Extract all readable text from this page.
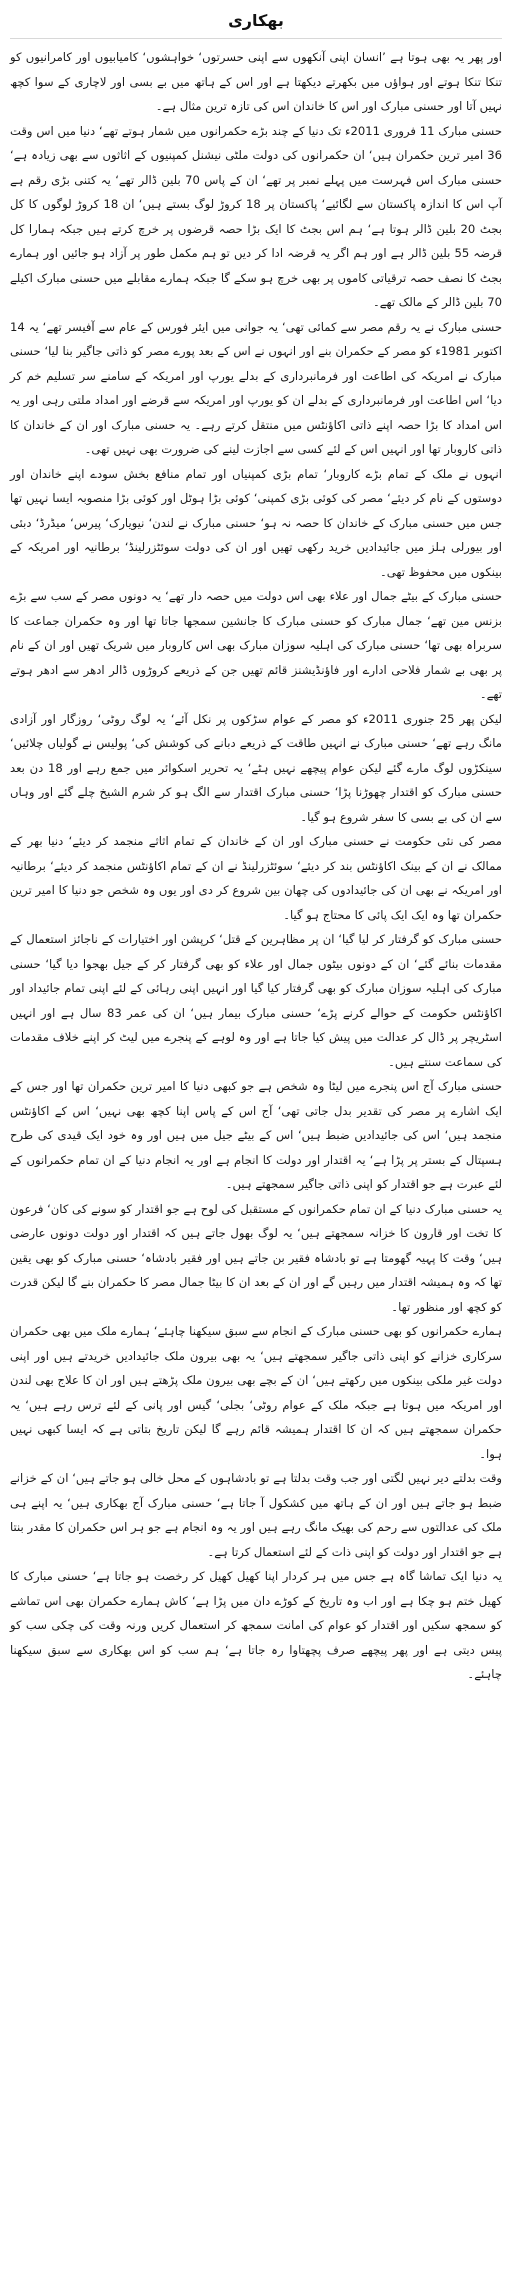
بھکاری

اور پھر یہ بھی ہوتا ہے ’انسان اپنی آنکھوں سے اپنی حسرتوں‘ خواہشوں‘ کامیابیوں اور کامرانیوں کو تنکا تنکا ہوتے اور ہواؤں میں بکھرتے دیکھتا ہے اور اس کے ہاتھ میں بے بسی اور لاچاری کے سوا کچھ نہیں آتا اور حسنی مبارک اور اس کا خاندان اس کی تازہ ترین مثال ہے۔

حسنی مبارک 11 فروری 2011ء تک دنیا کے چند بڑے حکمرانوں میں شمار ہوتے تھے‘ دنیا میں اس وقت 36 امیر ترین حکمران ہیں‘ ان حکمرانوں کی دولت ملٹی نیشنل کمپنیوں کے اثاثوں سے بھی زیادہ ہے‘ حسنی مبارک اس فہرست میں پہلے نمبر پر تھے‘ ان کے پاس 70 بلین ڈالر تھے‘ یہ کتنی بڑی رقم ہے آپ اس کا اندازہ پاکستان سے لگائیے‘ پاکستان پر 18 کروڑ لوگ بستے ہیں‘ ان 18 کروڑ لوگوں کا کل بجٹ 20 بلین ڈالر ہوتا ہے‘ ہم اس بجٹ کا ایک بڑا حصہ قرضوں پر خرچ کرتے ہیں جبکہ ہمارا کل قرضہ 55 بلین ڈالر ہے اور ہم اگر یہ قرضہ ادا کر دیں تو ہم مکمل طور پر آزاد ہو جائیں اور ہمارے بجٹ کا نصف حصہ ترقیاتی کاموں پر بھی خرچ ہو سکے گا جبکہ ہمارے مقابلے میں حسنی مبارک اکیلے 70 بلین ڈالر کے مالک تھے۔

حسنی مبارک نے یہ رقم مصر سے کمائی تھی‘ یہ جوانی میں ایئر فورس کے عام سے آفیسر تھے‘ یہ 14 اکتوبر 1981ء کو مصر کے حکمران بنے اور انہوں نے اس کے بعد پورے مصر کو ذاتی جاگیر بنا لیا‘ حسنی مبارک نے امریکہ کی اطاعت اور فرمانبرداری کے بدلے یورپ اور امریکہ کے سامنے سر تسلیم خم کر دیا‘ اس اطاعت اور فرمانبرداری کے بدلے ان کو یورپ اور امریکہ سے قرضے اور امداد ملتی رہی اور یہ اس امداد کا بڑا حصہ اپنے ذاتی اکاؤنٹس میں منتقل کرتے رہے۔ یہ حسنی مبارک اور ان کے خاندان کا ذاتی کاروبار تھا اور انہیں اس کے لئے کسی سے اجازت لینے کی ضرورت بھی نہیں تھی۔

انہوں نے ملک کے تمام بڑے کاروبار‘ تمام بڑی کمپنیاں اور تمام منافع بخش سودے اپنے خاندان اور دوستوں کے نام کر دیئے‘ مصر کی کوئی بڑی کمپنی‘ کوئی بڑا ہوٹل اور کوئی بڑا منصوبہ ایسا نہیں تھا جس میں حسنی مبارک کے خاندان کا حصہ نہ ہو‘ حسنی مبارک نے لندن‘ نیویارک‘ پیرس‘ میڈرڈ‘ دبئی اور بیورلی ہلز میں جائیدادیں خرید رکھی تھیں اور ان کی دولت سوئٹزرلینڈ‘ برطانیہ اور امریکہ کے بینکوں میں محفوظ تھی۔

حسنی مبارک کے بیٹے جمال اور علاء بھی اس دولت میں حصہ دار تھے‘ یہ دونوں مصر کے سب سے بڑے بزنس مین تھے‘ جمال مبارک کو حسنی مبارک کا جانشین سمجھا جاتا تھا اور وہ حکمران جماعت کا سربراہ بھی تھا‘ حسنی مبارک کی اہلیہ سوزان مبارک بھی اس کاروبار میں شریک تھیں اور ان کے نام پر بھی بے شمار فلاحی ادارے اور فاؤنڈیشنز قائم تھیں جن کے ذریعے کروڑوں ڈالر ادھر سے ادھر ہوتے تھے۔

لیکن پھر 25 جنوری 2011ء کو مصر کے عوام سڑکوں پر نکل آئے‘ یہ لوگ روٹی‘ روزگار اور آزادی مانگ رہے تھے‘ حسنی مبارک نے انہیں طاقت کے ذریعے دبانے کی کوشش کی‘ پولیس نے گولیاں چلائیں‘ سینکڑوں لوگ مارے گئے لیکن عوام پیچھے نہیں ہٹے‘ یہ تحریر اسکوائر میں جمع رہے اور 18 دن بعد حسنی مبارک کو اقتدار چھوڑنا پڑا‘ حسنی مبارک اقتدار سے الگ ہو کر شرم الشیخ چلے گئے اور وہاں سے ان کی بے بسی کا سفر شروع ہو گیا۔

مصر کی نئی حکومت نے حسنی مبارک اور ان کے خاندان کے تمام اثاثے منجمد کر دیئے‘ دنیا بھر کے ممالک نے ان کے بینک اکاؤنٹس بند کر دیئے‘ سوئٹزرلینڈ نے ان کے تمام اکاؤنٹس منجمد کر دیئے‘ برطانیہ اور امریکہ نے بھی ان کی جائیدادوں کی چھان بین شروع کر دی اور یوں وہ شخص جو دنیا کا امیر ترین حکمران تھا وہ ایک ایک پائی کا محتاج ہو گیا۔

حسنی مبارک کو گرفتار کر لیا گیا‘ ان پر مظاہرین کے قتل‘ کرپشن اور اختیارات کے ناجائز استعمال کے مقدمات بنائے گئے‘ ان کے دونوں بیٹوں جمال اور علاء کو بھی گرفتار کر کے جیل بھجوا دیا گیا‘ حسنی مبارک کی اہلیہ سوزان مبارک کو بھی گرفتار کیا گیا اور انہیں اپنی رہائی کے لئے اپنی تمام جائیداد اور اکاؤنٹس حکومت کے حوالے کرنے پڑے‘ حسنی مبارک بیمار ہیں‘ ان کی عمر 83 سال ہے اور انہیں اسٹریچر پر ڈال کر عدالت میں پیش کیا جاتا ہے اور وہ لوہے کے پنجرے میں لیٹ کر اپنے خلاف مقدمات کی سماعت سنتے ہیں۔

حسنی مبارک آج اس پنجرے میں لیٹا وہ شخص ہے جو کبھی دنیا کا امیر ترین حکمران تھا اور جس کے ایک اشارے پر مصر کی تقدیر بدل جاتی تھی‘ آج اس کے پاس اپنا کچھ بھی نہیں‘ اس کے اکاؤنٹس منجمد ہیں‘ اس کی جائیدادیں ضبط ہیں‘ اس کے بیٹے جیل میں ہیں اور وہ خود ایک قیدی کی طرح ہسپتال کے بستر پر پڑا ہے‘ یہ اقتدار اور دولت کا انجام ہے اور یہ انجام دنیا کے ان تمام حکمرانوں کے لئے عبرت ہے جو اقتدار کو اپنی ذاتی جاگیر سمجھتے ہیں۔

یہ حسنی مبارک دنیا کے ان تمام حکمرانوں کے مستقبل کی لوح ہے جو اقتدار کو سونے کی کان‘ فرعون کا تخت اور قارون کا خزانہ سمجھتے ہیں‘ یہ لوگ بھول جاتے ہیں کہ اقتدار اور دولت دونوں عارضی ہیں‘ وقت کا پہیہ گھومتا ہے تو بادشاہ فقیر بن جاتے ہیں اور فقیر بادشاہ‘ حسنی مبارک کو بھی یقین تھا کہ وہ ہمیشہ اقتدار میں رہیں گے اور ان کے بعد ان کا بیٹا جمال مصر کا حکمران بنے گا لیکن قدرت کو کچھ اور منظور تھا۔

ہمارے حکمرانوں کو بھی حسنی مبارک کے انجام سے سبق سیکھنا چاہئے‘ ہمارے ملک میں بھی حکمران سرکاری خزانے کو اپنی ذاتی جاگیر سمجھتے ہیں‘ یہ بھی بیرون ملک جائیدادیں خریدتے ہیں اور اپنی دولت غیر ملکی بینکوں میں رکھتے ہیں‘ ان کے بچے بھی بیرون ملک پڑھتے ہیں اور ان کا علاج بھی لندن اور امریکہ میں ہوتا ہے جبکہ ملک کے عوام روٹی‘ بجلی‘ گیس اور پانی کے لئے ترس رہے ہیں‘ یہ حکمران سمجھتے ہیں کہ ان کا اقتدار ہمیشہ قائم رہے گا لیکن تاریخ بتاتی ہے کہ ایسا کبھی نہیں ہوا۔

وقت بدلتے دیر نہیں لگتی اور جب وقت بدلتا ہے تو بادشاہوں کے محل خالی ہو جاتے ہیں‘ ان کے خزانے ضبط ہو جاتے ہیں اور ان کے ہاتھ میں کشکول آ جاتا ہے‘ حسنی مبارک آج بھکاری ہیں‘ یہ اپنے ہی ملک کی عدالتوں سے رحم کی بھیک مانگ رہے ہیں اور یہ وہ انجام ہے جو ہر اس حکمران کا مقدر بنتا ہے جو اقتدار اور دولت کو اپنی ذات کے لئے استعمال کرتا ہے۔

یہ دنیا ایک تماشا گاہ ہے جس میں ہر کردار اپنا کھیل کھیل کر رخصت ہو جاتا ہے‘ حسنی مبارک کا کھیل ختم ہو چکا ہے اور اب وہ تاریخ کے کوڑے دان میں پڑا ہے‘ کاش ہمارے حکمران بھی اس تماشے کو سمجھ سکیں اور اقتدار کو عوام کی امانت سمجھ کر استعمال کریں ورنہ وقت کی چکی سب کو پیس دیتی ہے اور پھر پیچھے صرف پچھتاوا رہ جاتا ہے‘ ہم سب کو اس بھکاری سے سبق سیکھنا چاہئے۔
